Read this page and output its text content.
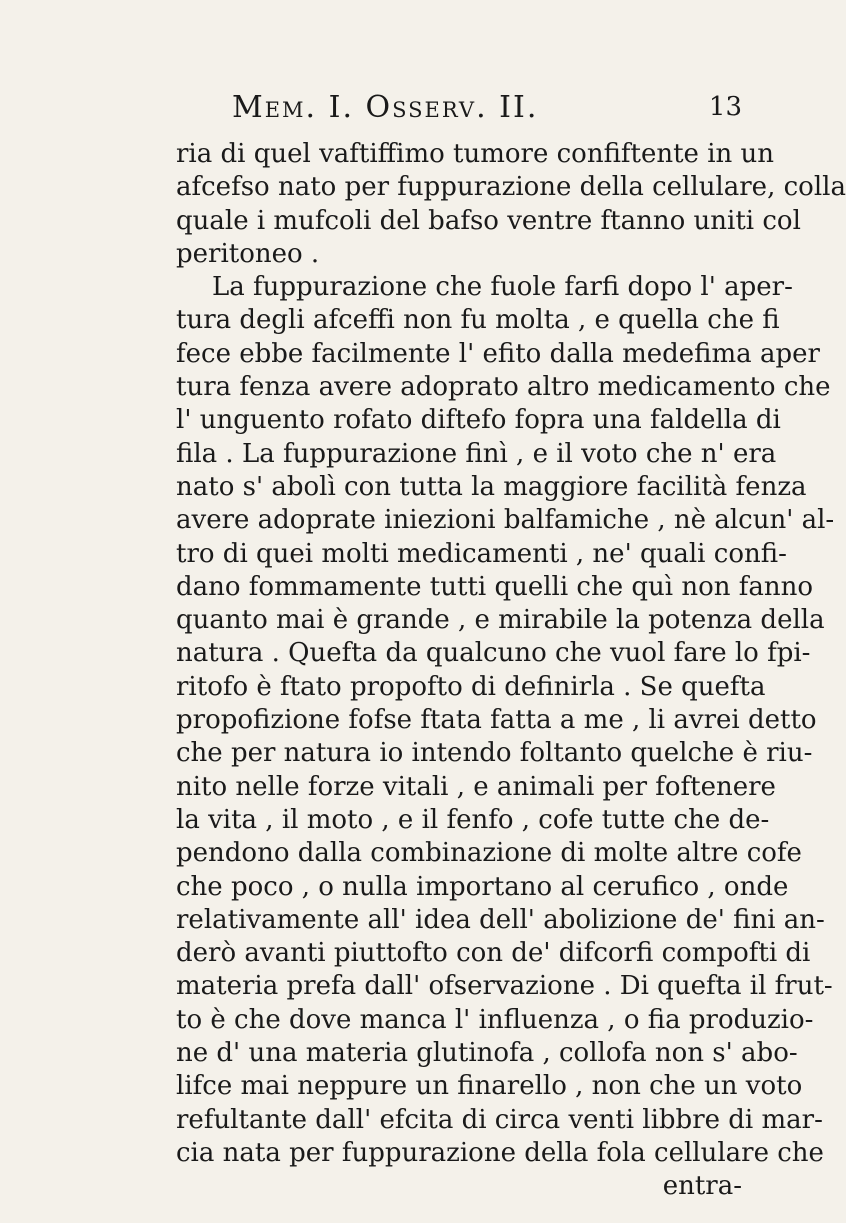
Mem. I. Osserv. II.	13
ria di quel vaftiffimo tumore confiftente in un
afcefso nato per fuppurazione della cellulare, colla
quale i mufcoli del bafso ventre ftanno uniti col
peritoneo .
La fuppurazione che fuole farfi dopo l' aper-
tura degli afceffi non fu molta , e quella che fi
fece ebbe facilmente l' efito dalla medefima aper
tura fenza avere adoprato altro medicamento che
l' unguento rofato diftefo fopra una faldella di
fila . La fuppurazione finì , e il voto che n' era
nato s' abolì con tutta la maggiore facilità fenza
avere adoprate iniezioni balfamiche , nè alcun' al-
tro di quei molti medicamenti , ne' quali confi-
dano fommamente tutti quelli che quì non fanno
quanto mai è grande , e mirabile la potenza della
natura . Quefta da qualcuno che vuol fare lo fpi-
ritofo è ftato propofto di definirla . Se quefta
propofizione fofse ftata fatta a me , li avrei detto
che per natura io intendo foltanto quelche è riu-
nito nelle forze vitali , e animali per foftenere
la vita , il moto , e il fenfo , cofe tutte che de-
pendono dalla combinazione di molte altre cofe
che poco , o nulla importano al cerufico , onde
relativamente all' idea dell' abolizione de' fini an-
derò avanti piuttofto con de' difcorfi compofti di
materia prefa dall' ofservazione . Di quefta il frut-
to è che dove manca l' influenza , o fia produzio-
ne d' una materia glutinofa , collofa non s' abo-
lifce mai neppure un finarello , non che un voto
refultante dall' efcita di circa venti libbre di mar-
cia nata per fuppurazione della fola cellulare che
entra-
